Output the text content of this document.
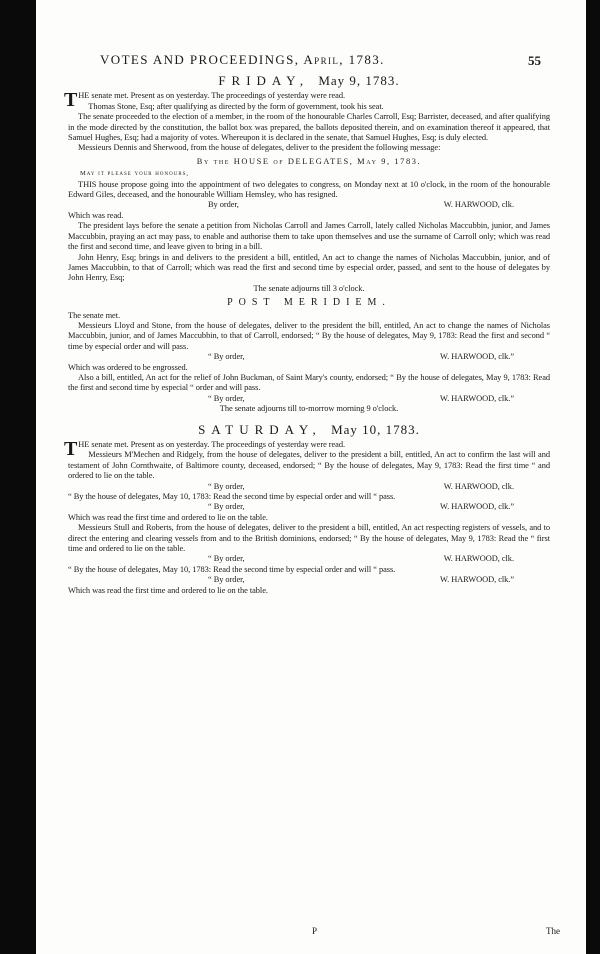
VOTES AND PROCEEDINGS, April, 1783.	55
FRIDAY, May 9, 1783.

THE senate met. Present as on yesterday. The proceedings of yesterday were read.

Thomas Stone, Esq; after qualifying as directed by the form of government, took his seat.

The senate proceeded to the election of a member, in the room of the honourable Charles Carroll, Esq; Barrister, deceased, and after qualifying in the mode directed by the constitution, the ballot box was prepared, the ballots deposited therein, and on examination thereof it appeared, that Samuel Hughes, Esq; had a majority of votes. Whereupon it is declared in the senate, that Samuel Hughes, Esq; is duly elected.

Messieurs Dennis and Sherwood, from the house of delegates, deliver to the president the following message:

By the HOUSE of DELEGATES, May 9, 1783.

May it please your honours,

THIS house propose going into the appointment of two delegates to congress, on Monday next at 10 o'clock, in the room of the honourable Edward Giles, deceased, and the honourable William Hemsley, who has resigned.

By order,	W. HARWOOD, clk.

Which was read.

The president lays before the senate a petition from Nicholas Carroll and James Carroll, lately called Nicholas Maccubbin, junior, and James Maccubbin, praying an act may pass, to enable and authorise them to take upon themselves and use the surname of Carroll only; which was read the first and second time, and leave given to bring in a bill.

John Henry, Esq; brings in and delivers to the president a bill, entitled, An act to change the names of Nicholas Maccubbin, junior, and of James Maccubbin, to that of Carroll; which was read the first and second time by especial order, passed, and sent to the house of delegates by John Henry, Esq;

The senate adjourns till 3 o'clock.

POST MERIDIEM.

The senate met.

Messieurs Lloyd and Stone, from the house of delegates, deliver to the president the bill, entitled, An act to change the names of Nicholas Maccubbin, junior, and of James Maccubbin, to that of Carroll, endorsed; “ By the house of delegates, May 9, 1783: Read the first and second “ time by especial order and will pass.

“ By order,	W. HARWOOD, clk.”

Which was ordered to be engrossed.

Also a bill, entitled, An act for the relief of John Buckman, of Saint Mary's county, endorsed; “ By the house of delegates, May 9, 1783: Read the first and second time by especial “ order and will pass.

“ By order,	W. HARWOOD, clk.”

The senate adjourns till to-morrow morning 9 o'clock.

SATURDAY, May 10, 1783.

THE senate met. Present as on yesterday. The proceedings of yesterday were read.

Messieurs M'Mechen and Ridgely, from the house of delegates, deliver to the president a bill, entitled, An act to confirm the last will and testament of John Cornthwaite, of Baltimore county, deceased, endorsed; “ By the house of delegates, May 9, 1783: Read the first time “ and ordered to lie on the table.

“ By order,	W. HARWOOD, clk.

“ By the house of delegates, May 10, 1783: Read the second time by especial order and will “ pass.

“ By order,	W. HARWOOD, clk.”

Which was read the first time and ordered to lie on the table.

Messieurs Stull and Roberts, from the house of delegates, deliver to the president a bill, entitled, An act respecting registers of vessels, and to direct the entering and clearing vessels from and to the British dominions, endorsed; “ By the house of delegates, May 9, 1783: Read the “ first time and ordered to lie on the table.

“ By order,	W. HARWOOD, clk.

“ By the house of delegates, May 10, 1783: Read the second time by especial order and will “ pass.

“ By order,	W. HARWOOD, clk.”

Which was read the first time and ordered to lie on the table.

P	The
